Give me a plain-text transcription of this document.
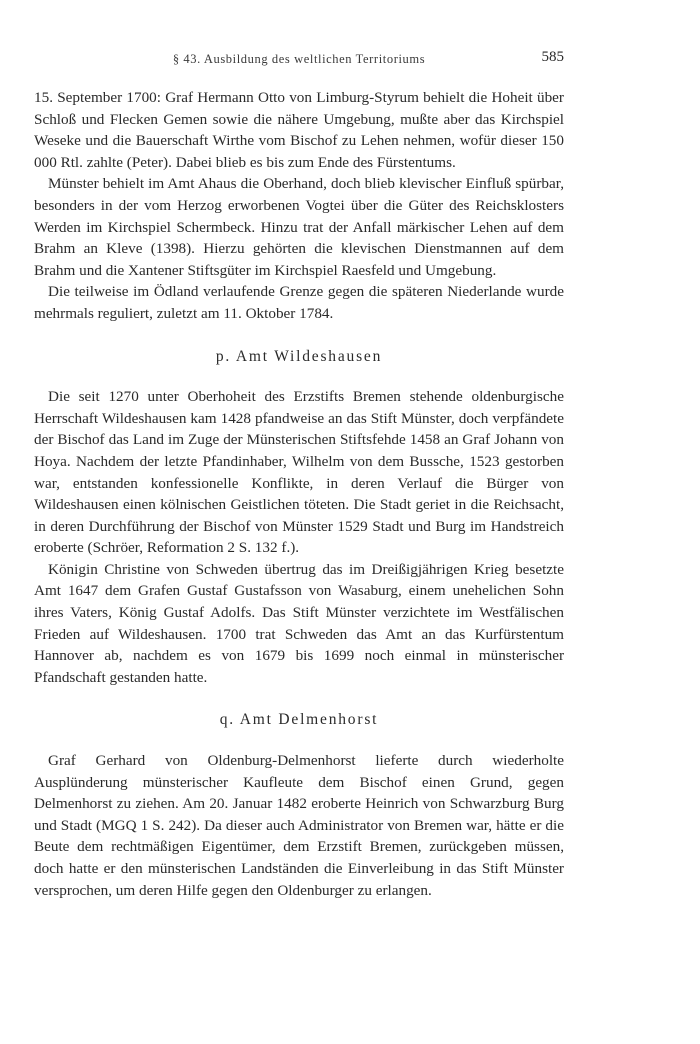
§ 43. Ausbildung des weltlichen Territoriums	585

15. September 1700: Graf Hermann Otto von Limburg-Styrum behielt die Hoheit über Schloß und Flecken Gemen sowie die nähere Umgebung, mußte aber das Kirchspiel Weseke und die Bauerschaft Wirthe vom Bischof zu Lehen nehmen, wofür dieser 150 000 Rtl. zahlte (Peter). Dabei blieb es bis zum Ende des Fürstentums.

Münster behielt im Amt Ahaus die Oberhand, doch blieb klevischer Einfluß spürbar, besonders in der vom Herzog erworbenen Vogtei über die Güter des Reichsklosters Werden im Kirchspiel Schermbeck. Hinzu trat der Anfall märkischer Lehen auf dem Brahm an Kleve (1398). Hierzu gehörten die klevischen Dienstmannen auf dem Brahm und die Xantener Stiftsgüter im Kirchspiel Raesfeld und Umgebung.

Die teilweise im Ödland verlaufende Grenze gegen die späteren Niederlande wurde mehrmals reguliert, zuletzt am 11. Oktober 1784.

p. Amt Wildeshausen

Die seit 1270 unter Oberhoheit des Erzstifts Bremen stehende oldenburgische Herrschaft Wildeshausen kam 1428 pfandweise an das Stift Münster, doch verpfändete der Bischof das Land im Zuge der Münsterischen Stiftsfehde 1458 an Graf Johann von Hoya. Nachdem der letzte Pfandinhaber, Wilhelm von dem Bussche, 1523 gestorben war, entstanden konfessionelle Konflikte, in deren Verlauf die Bürger von Wildeshausen einen kölnischen Geistlichen töteten. Die Stadt geriet in die Reichsacht, in deren Durchführung der Bischof von Münster 1529 Stadt und Burg im Handstreich eroberte (Schröer, Reformation 2 S. 132 f.).

Königin Christine von Schweden übertrug das im Dreißigjährigen Krieg besetzte Amt 1647 dem Grafen Gustaf Gustafsson von Wasaburg, einem unehelichen Sohn ihres Vaters, König Gustaf Adolfs. Das Stift Münster verzichtete im Westfälischen Frieden auf Wildeshausen. 1700 trat Schweden das Amt an das Kurfürstentum Hannover ab, nachdem es von 1679 bis 1699 noch einmal in münsterischer Pfandschaft gestanden hatte.

q. Amt Delmenhorst

Graf Gerhard von Oldenburg-Delmenhorst lieferte durch wiederholte Ausplünderung münsterischer Kaufleute dem Bischof einen Grund, gegen Delmenhorst zu ziehen. Am 20. Januar 1482 eroberte Heinrich von Schwarzburg Burg und Stadt (MGQ 1 S. 242). Da dieser auch Administrator von Bremen war, hätte er die Beute dem rechtmäßigen Eigentümer, dem Erzstift Bremen, zurückgeben müssen, doch hatte er den münsterischen Landständen die Einverleibung in das Stift Münster versprochen, um deren Hilfe gegen den Oldenburger zu erlangen.
